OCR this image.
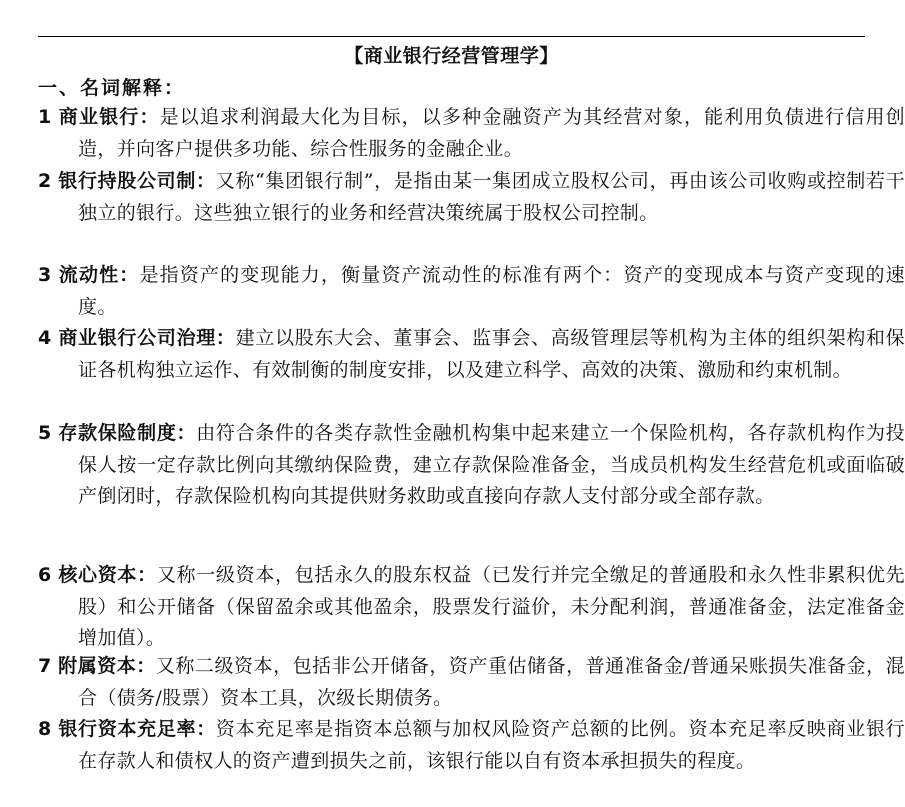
【商业银行经营管理学】
一、名词解释：

1 商业银行：是以追求利润最大化为目标，以多种金融资产为其经营对象，能利用负债进行信用创造，并向客户提供多功能、综合性服务的金融企业。

2 银行持股公司制：又称“集团银行制”，是指由某一集团成立股权公司，再由该公司收购或控制若干独立的银行。这些独立银行的业务和经营决策统属于股权公司控制。

3 流动性：是指资产的变现能力，衡量资产流动性的标准有两个：资产的变现成本与资产变现的速度。

4 商业银行公司治理：建立以股东大会、董事会、监事会、高级管理层等机构为主体的组织架构和保证各机构独立运作、有效制衡的制度安排，以及建立科学、高效的决策、激励和约束机制。

5 存款保险制度：由符合条件的各类存款性金融机构集中起来建立一个保险机构，各存款机构作为投保人按一定存款比例向其缴纳保险费，建立存款保险准备金，当成员机构发生经营危机或面临破产倒闭时，存款保险机构向其提供财务救助或直接向存款人支付部分或全部存款。

6 核心资本：又称一级资本，包括永久的股东权益（已发行并完全缴足的普通股和永久性非累积优先股）和公开储备（保留盈余或其他盈余，股票发行溢价，未分配利润，普通准备金，法定准备金增加值）。

7 附属资本：又称二级资本，包括非公开储备，资产重估储备，普通准备金/普通呆账损失准备金，混合（债务/股票）资本工具，次级长期债务。

8 银行资本充足率：资本充足率是指资本总额与加权风险资产总额的比例。资本充足率反映商业银行在存款人和债权人的资产遭到损失之前，该银行能以自有资本承担损失的程度。
